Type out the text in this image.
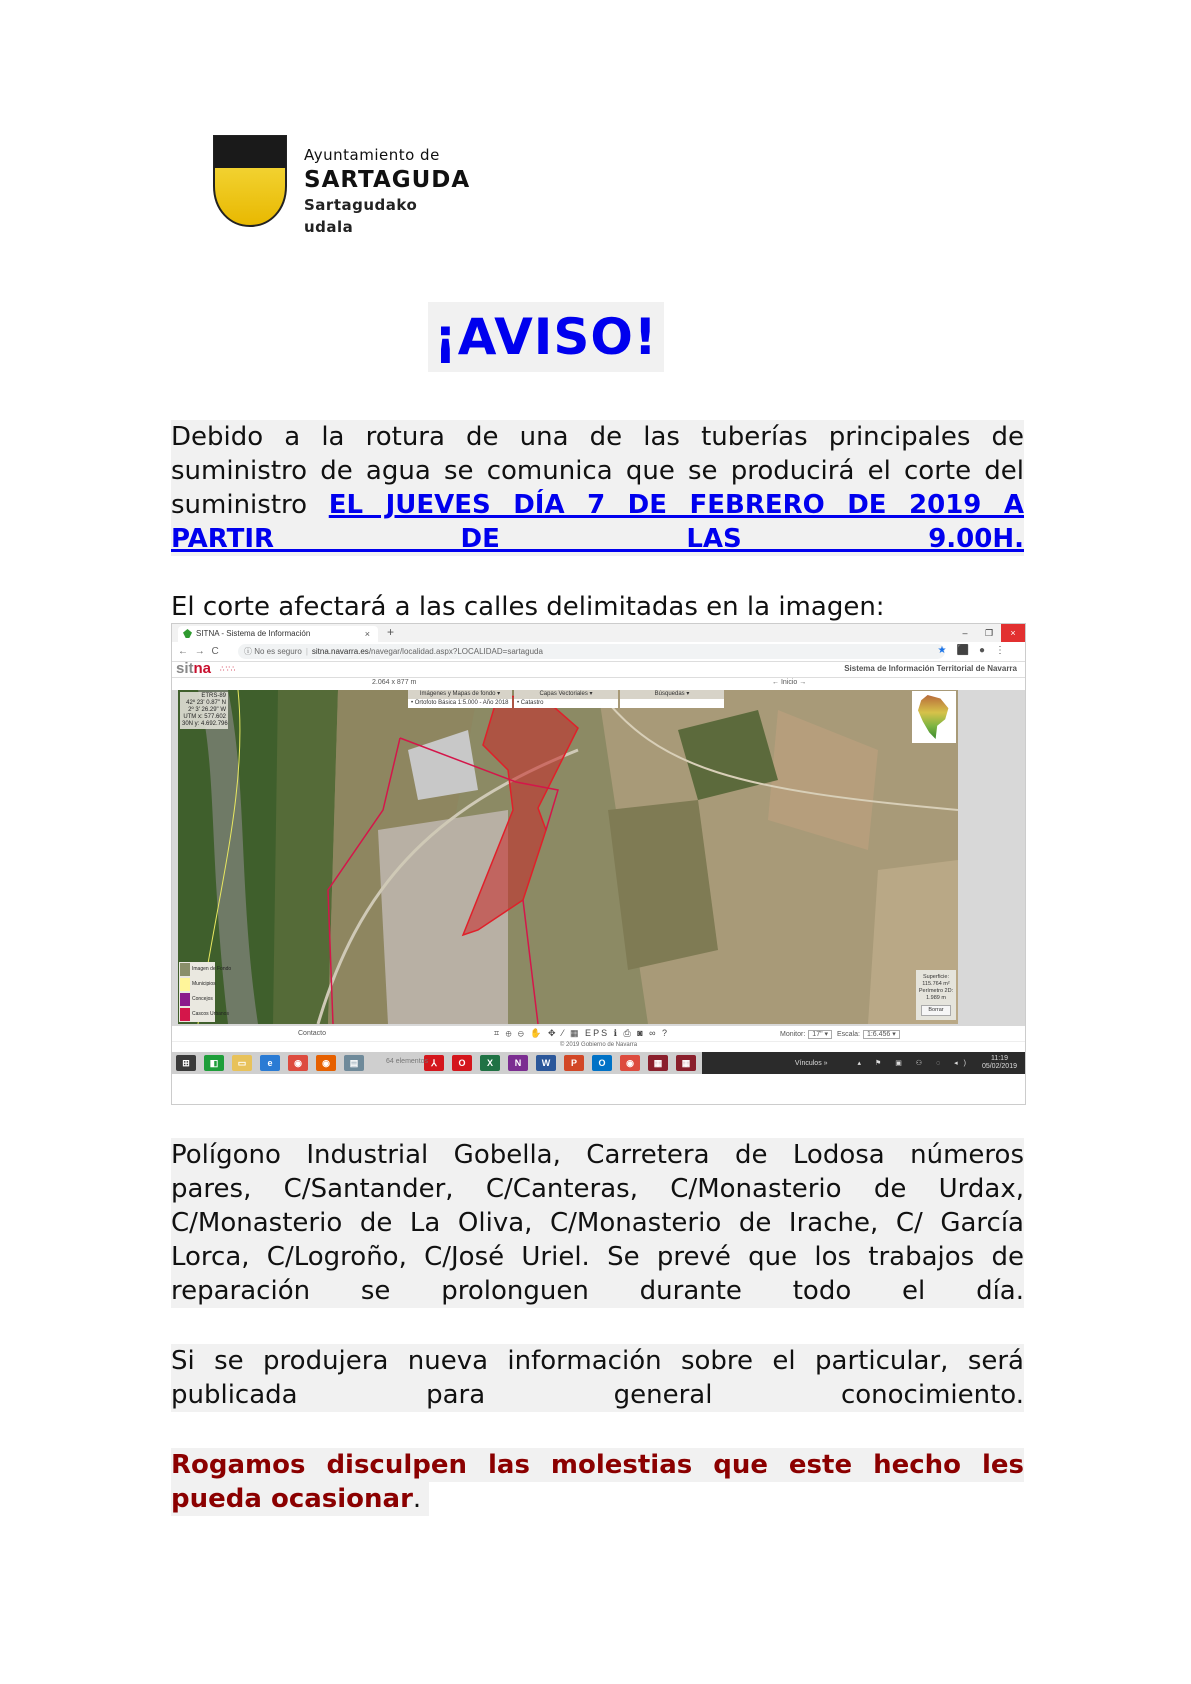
Ayuntamiento de
SARTAGUDA
Sartagudako udala
¡AVISO!
Debido a la rotura de una de las tuberías principales de
suministro de agua se comunica que se producirá el corte del
suministro EL JUEVES DÍA 7 DE FEBRERO DE 2019 A
PARTIR DE LAS 9.00H.
El corte afectará a las calles delimitadas en la imagen:
SITNA - Sistema de Información	× +	–	❐	×
← → C	ⓘ No es seguro | sitna.navarra.es/navegar/localidad.aspx?LOCALIDAD=sartaguda	★⬛●⋮
sitna ∴∵∴	Sistema de Información Territorial de Navarra
2.064 x 877 m	← Inicio →
ETRS-89
42º 23' 0.87" N
2º 3' 26.29" W
UTM x: 577.602
30N y: 4.692.796
Imágenes y Mapas de fondo ▾
• Ortofoto Básica 1:5.000 - Año 2018
Capas Vectoriales ▾
• Catastro
Búsquedas ▾
Imagen de Fondo
Municipios
Concejos
Cascos Urbanos
Superficie:
115.764 m²
Perímetro 2D:
1.989 m
Borrar
Contacto	⌗ ⊕ ⊖ ✋ ✥ ⁄ ▦ EPS ℹ ⎙ ◙ ∞ ?	Monitor: 17" ▾ Escala: 1:6.456 ▾
© 2019 Gobierno de Navarra
⊞	◧	▭	e	◉	◉	▤	⅄	O	X	N	W	P	O	◉	▦	▦
64 elementos	Vínculos »	▴ ⚑ ▣ ⚇ ◌ ◂)
11:19
05/02/2019
Polígono Industrial Gobella, Carretera de Lodosa números
pares, C/Santander, C/Canteras, C/Monasterio de Urdax,
C/Monasterio de La Oliva, C/Monasterio de Irache, C/ García
Lorca, C/Logroño, C/José Uriel. Se prevé que los trabajos de
reparación se prolonguen durante todo el día.
Si se produjera nueva información sobre el particular, será
publicada para general conocimiento.
Rogamos disculpen las molestias que este hecho les
pueda ocasionar.
